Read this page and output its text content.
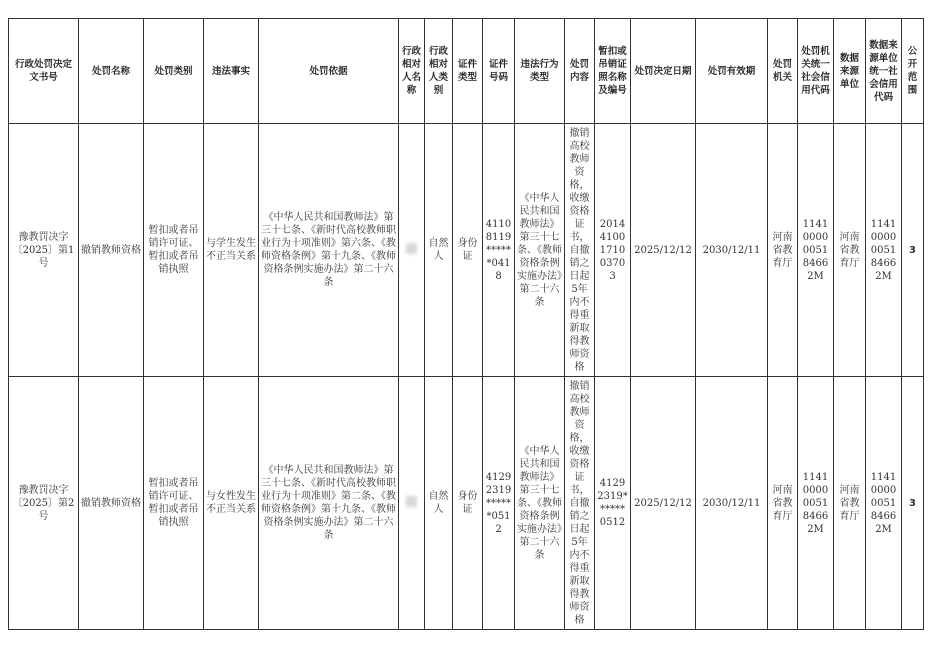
行政处罚决定文书号	处罚名称	处罚类别	违法事实	处罚依据	行政相对人名称	行政相对人类别	证件类型	证件号码	违法行为类型	处罚内容	暂扣或吊销证照名称及编号	处罚决定日期	处罚有效期	处罚机关	处罚机关统一社会信用代码	数据来源单位	数据来源单位统一社会信用代码	公开范围
豫教罚决字〔2025〕第1号	撤销教师资格	暂扣或者吊销许可证、暂扣或者吊销执照	与学生发生不正当关系	《中华人民共和国教师法》第三十七条、《新时代高校教师职业行为十项准则》第六条、《教师资格条例》第十九条、《教师资格条例实施办法》第二十六条		自然人	身份证	41108119******0418	《中华人民共和国教师法》第三十七条、《教师资格条例实施办法》第二十六条	撤销高校教师资格，收缴资格证书，自撤销之日起5年内不得重新取得教师资格	20144100171003703	2025/12/12	2030/12/11	河南省教育厅	11410000005184662M	河南省教育厅	11410000005184662M	3
豫教罚决字〔2025〕第2号	撤销教师资格	暂扣或者吊销许可证、暂扣或者吊销执照	与女性发生不正当关系	《中华人民共和国教师法》第三十七条、《新时代高校教师职业行为十项准则》第二条、《教师资格条例》第十九条、《教师资格条例实施办法》第二十六条		自然人	身份证	41292319******0512	《中华人民共和国教师法》第三十七条、《教师资格条例实施办法》第二十六条	撤销高校教师资格，收缴资格证书，自撤销之日起5年内不得重新取得教师资格	41292319******0512	2025/12/12	2030/12/11	河南省教育厅	11410000005184662M	河南省教育厅	11410000005184662M	3
